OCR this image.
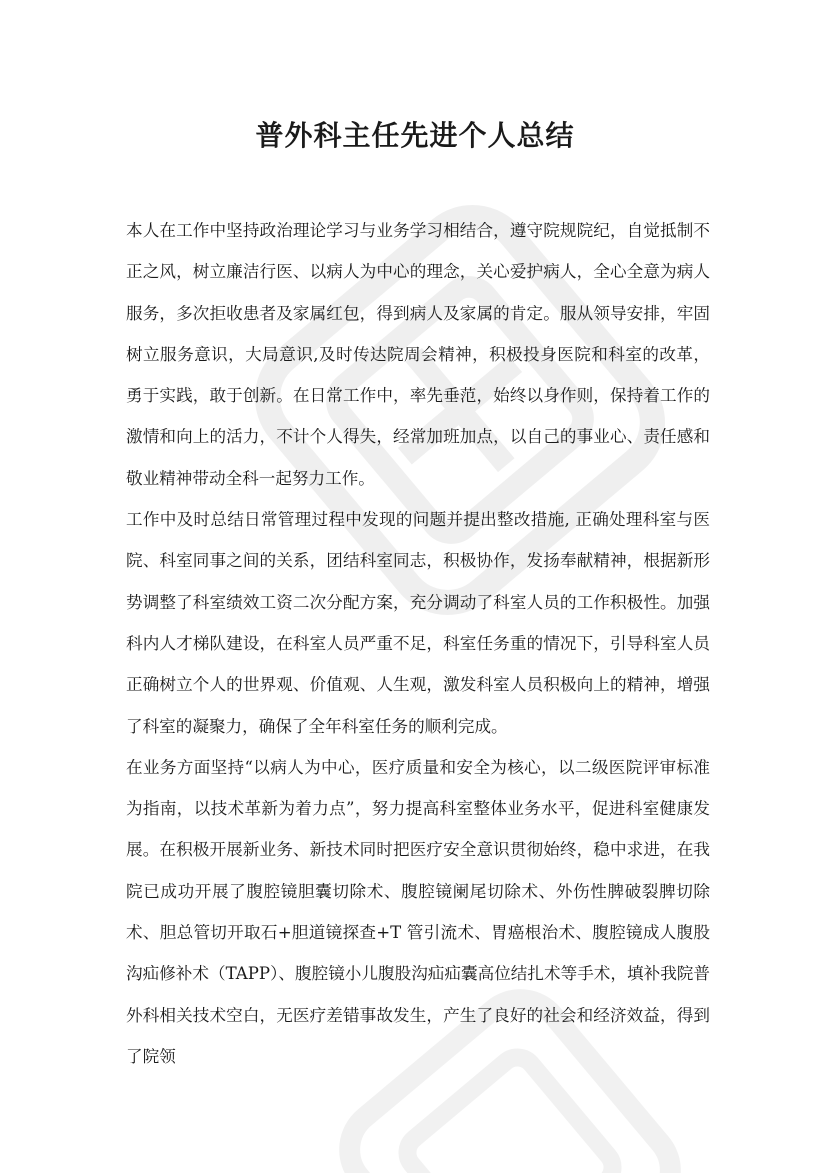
普外科主任先进个人总结

本人在工作中坚持政治理论学习与业务学习相结合，遵守院规院纪，自觉抵制不正之风，树立廉洁行医、以病人为中心的理念，关心爱护病人，全心全意为病人服务，多次拒收患者及家属红包，得到病人及家属的肯定。服从领导安排，牢固树立服务意识，大局意识,及时传达院周会精神，积极投身医院和科室的改革，勇于实践，敢于创新。在日常工作中，率先垂范，始终以身作则，保持着工作的激情和向上的活力，不计个人得失，经常加班加点，以自己的事业心、责任感和敬业精神带动全科一起努力工作。

工作中及时总结日常管理过程中发现的问题并提出整改措施, 正确处理科室与医院、科室同事之间的关系，团结科室同志，积极协作，发扬奉献精神，根据新形势调整了科室绩效工资二次分配方案，充分调动了科室人员的工作积极性。加强科内人才梯队建设，在科室人员严重不足，科室任务重的情况下，引导科室人员正确树立个人的世界观、价值观、人生观，激发科室人员积极向上的精神，增强了科室的凝聚力，确保了全年科室任务的顺利完成。

在业务方面坚持“以病人为中心，医疗质量和安全为核心，以二级医院评审标准为指南，以技术革新为着力点”，努力提高科室整体业务水平，促进科室健康发展。在积极开展新业务、新技术同时把医疗安全意识贯彻始终，稳中求进，在我院已成功开展了腹腔镜胆囊切除术、腹腔镜阑尾切除术、外伤性脾破裂脾切除术、胆总管切开取石+胆道镜探查+T 管引流术、胃癌根治术、腹腔镜成人腹股沟疝修补术（TAPP）、腹腔镜小儿腹股沟疝疝囊高位结扎术等手术，填补我院普外科相关技术空白，无医疗差错事故发生，产生了良好的社会和经济效益，得到了院领
